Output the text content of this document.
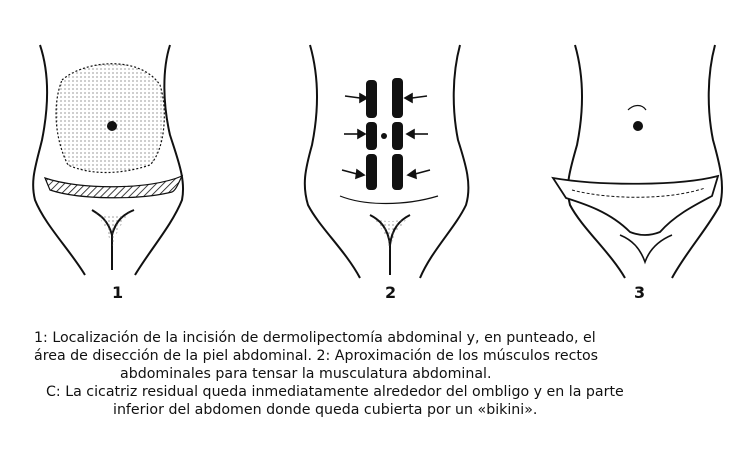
1	2	3
1: Localización de la incisión de dermolipectomía abdominal y, en punteado, el
área de disección de la piel abdominal. 2: Aproximación de los músculos rectos
abdominales para tensar la musculatura abdominal.
C: La cicatriz residual queda inmediatamente alrededor del ombligo y en la parte
inferior del abdomen donde queda cubierta por un «bikini».
